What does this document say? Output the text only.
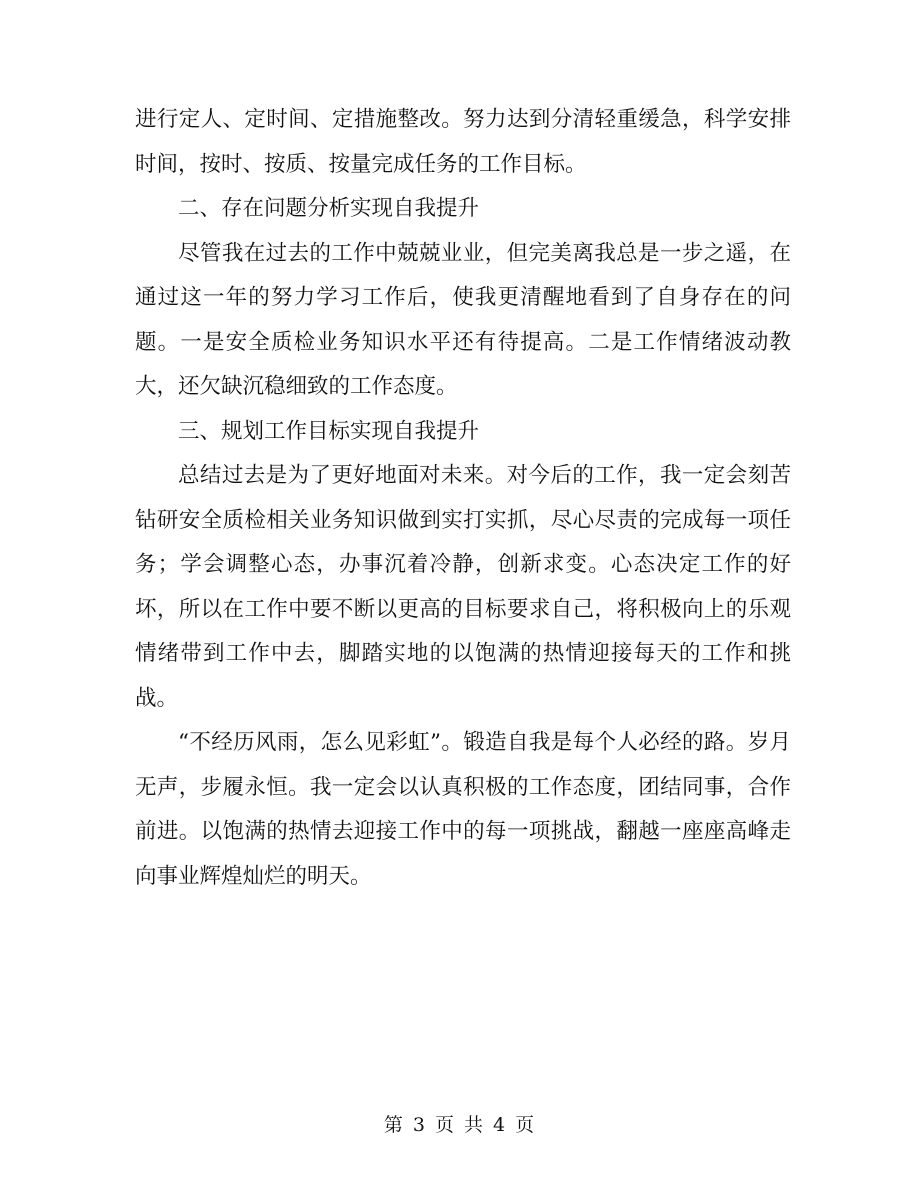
进行定人、定时间、定措施整改。努力达到分清轻重缓急，科学安排时间，按时、按质、按量完成任务的工作目标。

二、存在问题分析实现自我提升

尽管我在过去的工作中兢兢业业，但完美离我总是一步之遥，在通过这一年的努力学习工作后，使我更清醒地看到了自身存在的问题。一是安全质检业务知识水平还有待提高。二是工作情绪波动教大，还欠缺沉稳细致的工作态度。

三、规划工作目标实现自我提升

总结过去是为了更好地面对未来。对今后的工作，我一定会刻苦钻研安全质检相关业务知识做到实打实抓，尽心尽责的完成每一项任务；学会调整心态，办事沉着冷静，创新求变。心态决定工作的好坏，所以在工作中要不断以更高的目标要求自己，将积极向上的乐观情绪带到工作中去，脚踏实地的以饱满的热情迎接每天的工作和挑战。

“不经历风雨，怎么见彩虹”。锻造自我是每个人必经的路。岁月无声，步履永恒。我一定会以认真积极的工作态度，团结同事，合作前进。以饱满的热情去迎接工作中的每一项挑战，翻越一座座高峰走向事业辉煌灿烂的明天。

第 3 页 共 4 页
